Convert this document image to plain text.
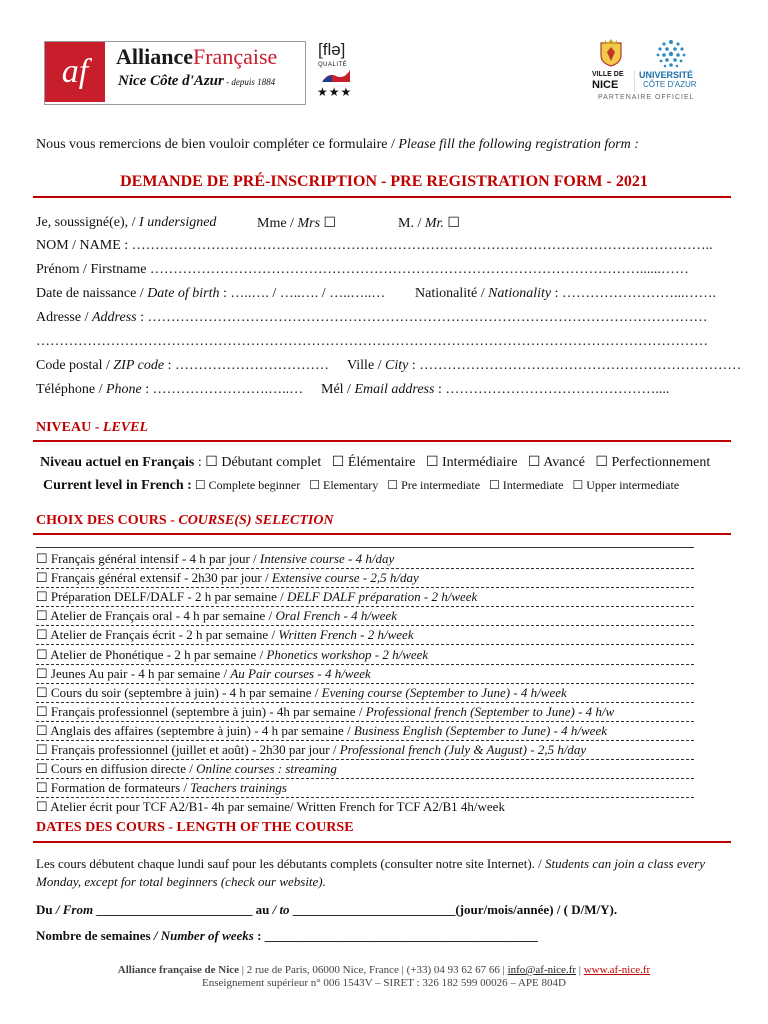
af	AllianceFrançaise
Nice Côte d'Azur - depuis 1884
[flə]
QUALITÉ
★★★
VILLE DE
NICE
UNIVERSITÉ
CÔTE D'AZUR
PARTENAIRE OFFICIEL
Nous vous remercions de bien vouloir compléter ce formulaire / Please fill the following registration form :
DEMANDE DE PRÉ-INSCRIPTION - PRE REGISTRATION FORM - 2021
Je, soussigné(e), / I undersigned	Mme / Mrs ☐	M. / Mr. ☐
NOM / NAME : ……………………………………………………………………………………………………………..
Prénom / Firstname ……………………………………………………………………………………………......……
Date de naissance / Date of birth : …..…. / …..…. / …..…..… Nationalité / Nationality : ……………………...…….
Adresse / Address : …………………………………………………………………………………………………………
………………………………………………………………………………………………………………………………
Code postal / ZIP code : …………………………… Ville / City : ……………………………………………………………
Téléphone / Phone : …………………….…..… Mél / Email address : ………………………………………....
NIVEAU - LEVEL
Niveau actuel en Français : ☐ Débutant complet ☐ Élémentaire ☐ Intermédiaire ☐ Avancé ☐ Perfectionnement
Current level in French : ☐ Complete beginner ☐ Elementary ☐ Pre intermediate ☐ Intermediate ☐ Upper intermediate
CHOIX DES COURS - COURSE(S) SELECTION
☐ Français général intensif - 4 h par jour / Intensive course - 4 h/day
☐ Français général extensif - 2h30 par jour / Extensive course - 2,5 h/day
☐ Préparation DELF/DALF - 2 h par semaine / DELF DALF préparation - 2 h/week
☐ Atelier de Français oral - 4 h par semaine / Oral French - 4 h/week
☐ Atelier de Français écrit - 2 h par semaine / Written French - 2 h/week
☐ Atelier de Phonétique - 2 h par semaine / Phonetics workshop - 2 h/week
☐ Jeunes Au pair - 4 h par semaine / Au Pair courses - 4 h/week
☐ Cours du soir (septembre à juin) - 4 h par semaine / Evening course (September to June) - 4 h/week
☐ Français professionnel (septembre à juin) - 4h par semaine / Professional french (September to June) - 4 h/w
☐ Anglais des affaires (septembre à juin) - 4 h par semaine / Business English (September to June) - 4 h/week
☐ Français professionnel (juillet et août) - 2h30 par jour / Professional french (July & August) - 2,5 h/day
☐ Cours en diffusion directe / Online courses : streaming
☐ Formation de formateurs / Teachers trainings
☐ Atelier écrit pour TCF A2/B1- 4h par semaine/ Written French for TCF A2/B1 4h/week
DATES DES COURS - LENGTH OF THE COURSE
Les cours débutent chaque lundi sauf pour les débutants complets (consulter notre site Internet). / Students can join a class every Monday, except for total beginners (check our website).
Du / From ________________________ au / to _________________________(jour/mois/année) / ( D/M/Y).
Nombre de semaines / Number of weeks : __________________________________________
Alliance française de Nice | 2 rue de Paris, 06000 Nice, France | (+33) 04 93 62 67 66 | info@af-nice.fr | www.af-nice.fr
Enseignement supérieur n° 006 1543V – SIRET : 326 182 599 00026 – APE 804D
